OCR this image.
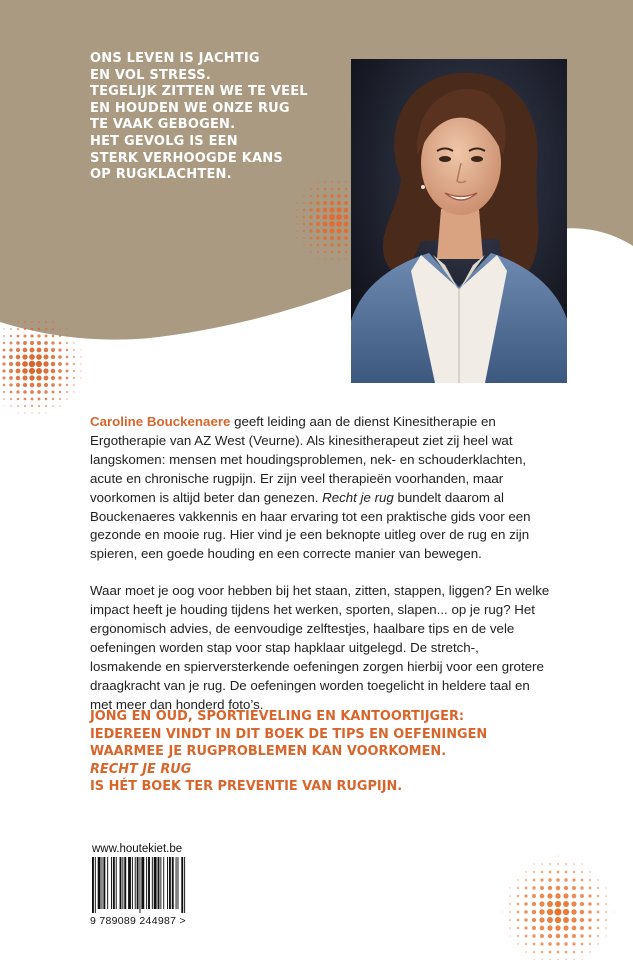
ONS LEVEN IS JACHTIG
EN VOL STRESS.
TEGELIJK ZITTEN WE TE VEEL
EN HOUDEN WE ONZE RUG
TE VAAK GEBOGEN.
HET GEVOLG IS EEN
STERK VERHOOGDE KANS
OP RUGKLACHTEN.

Caroline Bouckenaere geeft leiding aan de dienst Kinesitherapie en Ergotherapie van AZ West (Veurne). Als kinesitherapeut ziet zij heel wat langskomen: mensen met houdingsproblemen, nek- en schouderklachten, acute en chronische rugpijn. Er zijn veel therapieën voorhanden, maar voorkomen is altijd beter dan genezen. Recht je rug bundelt daarom al Bouckenaeres vakkennis en haar ervaring tot een praktische gids voor een gezonde en mooie rug. Hier vind je een beknopte uitleg over de rug en zijn spieren, een goede houding en een correcte manier van bewegen.

Waar moet je oog voor hebben bij het staan, zitten, stappen, liggen? En welke impact heeft je houding tijdens het werken, sporten, slapen... op je rug? Het ergonomisch advies, de eenvoudige zelftestjes, haalbare tips en de vele oefeningen worden stap voor stap hapklaar uitgelegd. De stretch-, losmakende en spierversterkende oefeningen zorgen hierbij voor een grotere draagkracht van je rug. De oefeningen worden toegelicht in heldere taal en met meer dan honderd foto’s.

JONG EN OUD, SPORTIEVELING EN KANTOORTIJGER:
IEDEREEN VINDT IN DIT BOEK DE TIPS EN OEFENINGEN
WAARMEE JE RUGPROBLEMEN KAN VOORKOMEN.
RECHT JE RUG
IS HÉT BOEK TER PREVENTIE VAN RUGPIJN.

www.houtekiet.be
9 789089 244987 >
